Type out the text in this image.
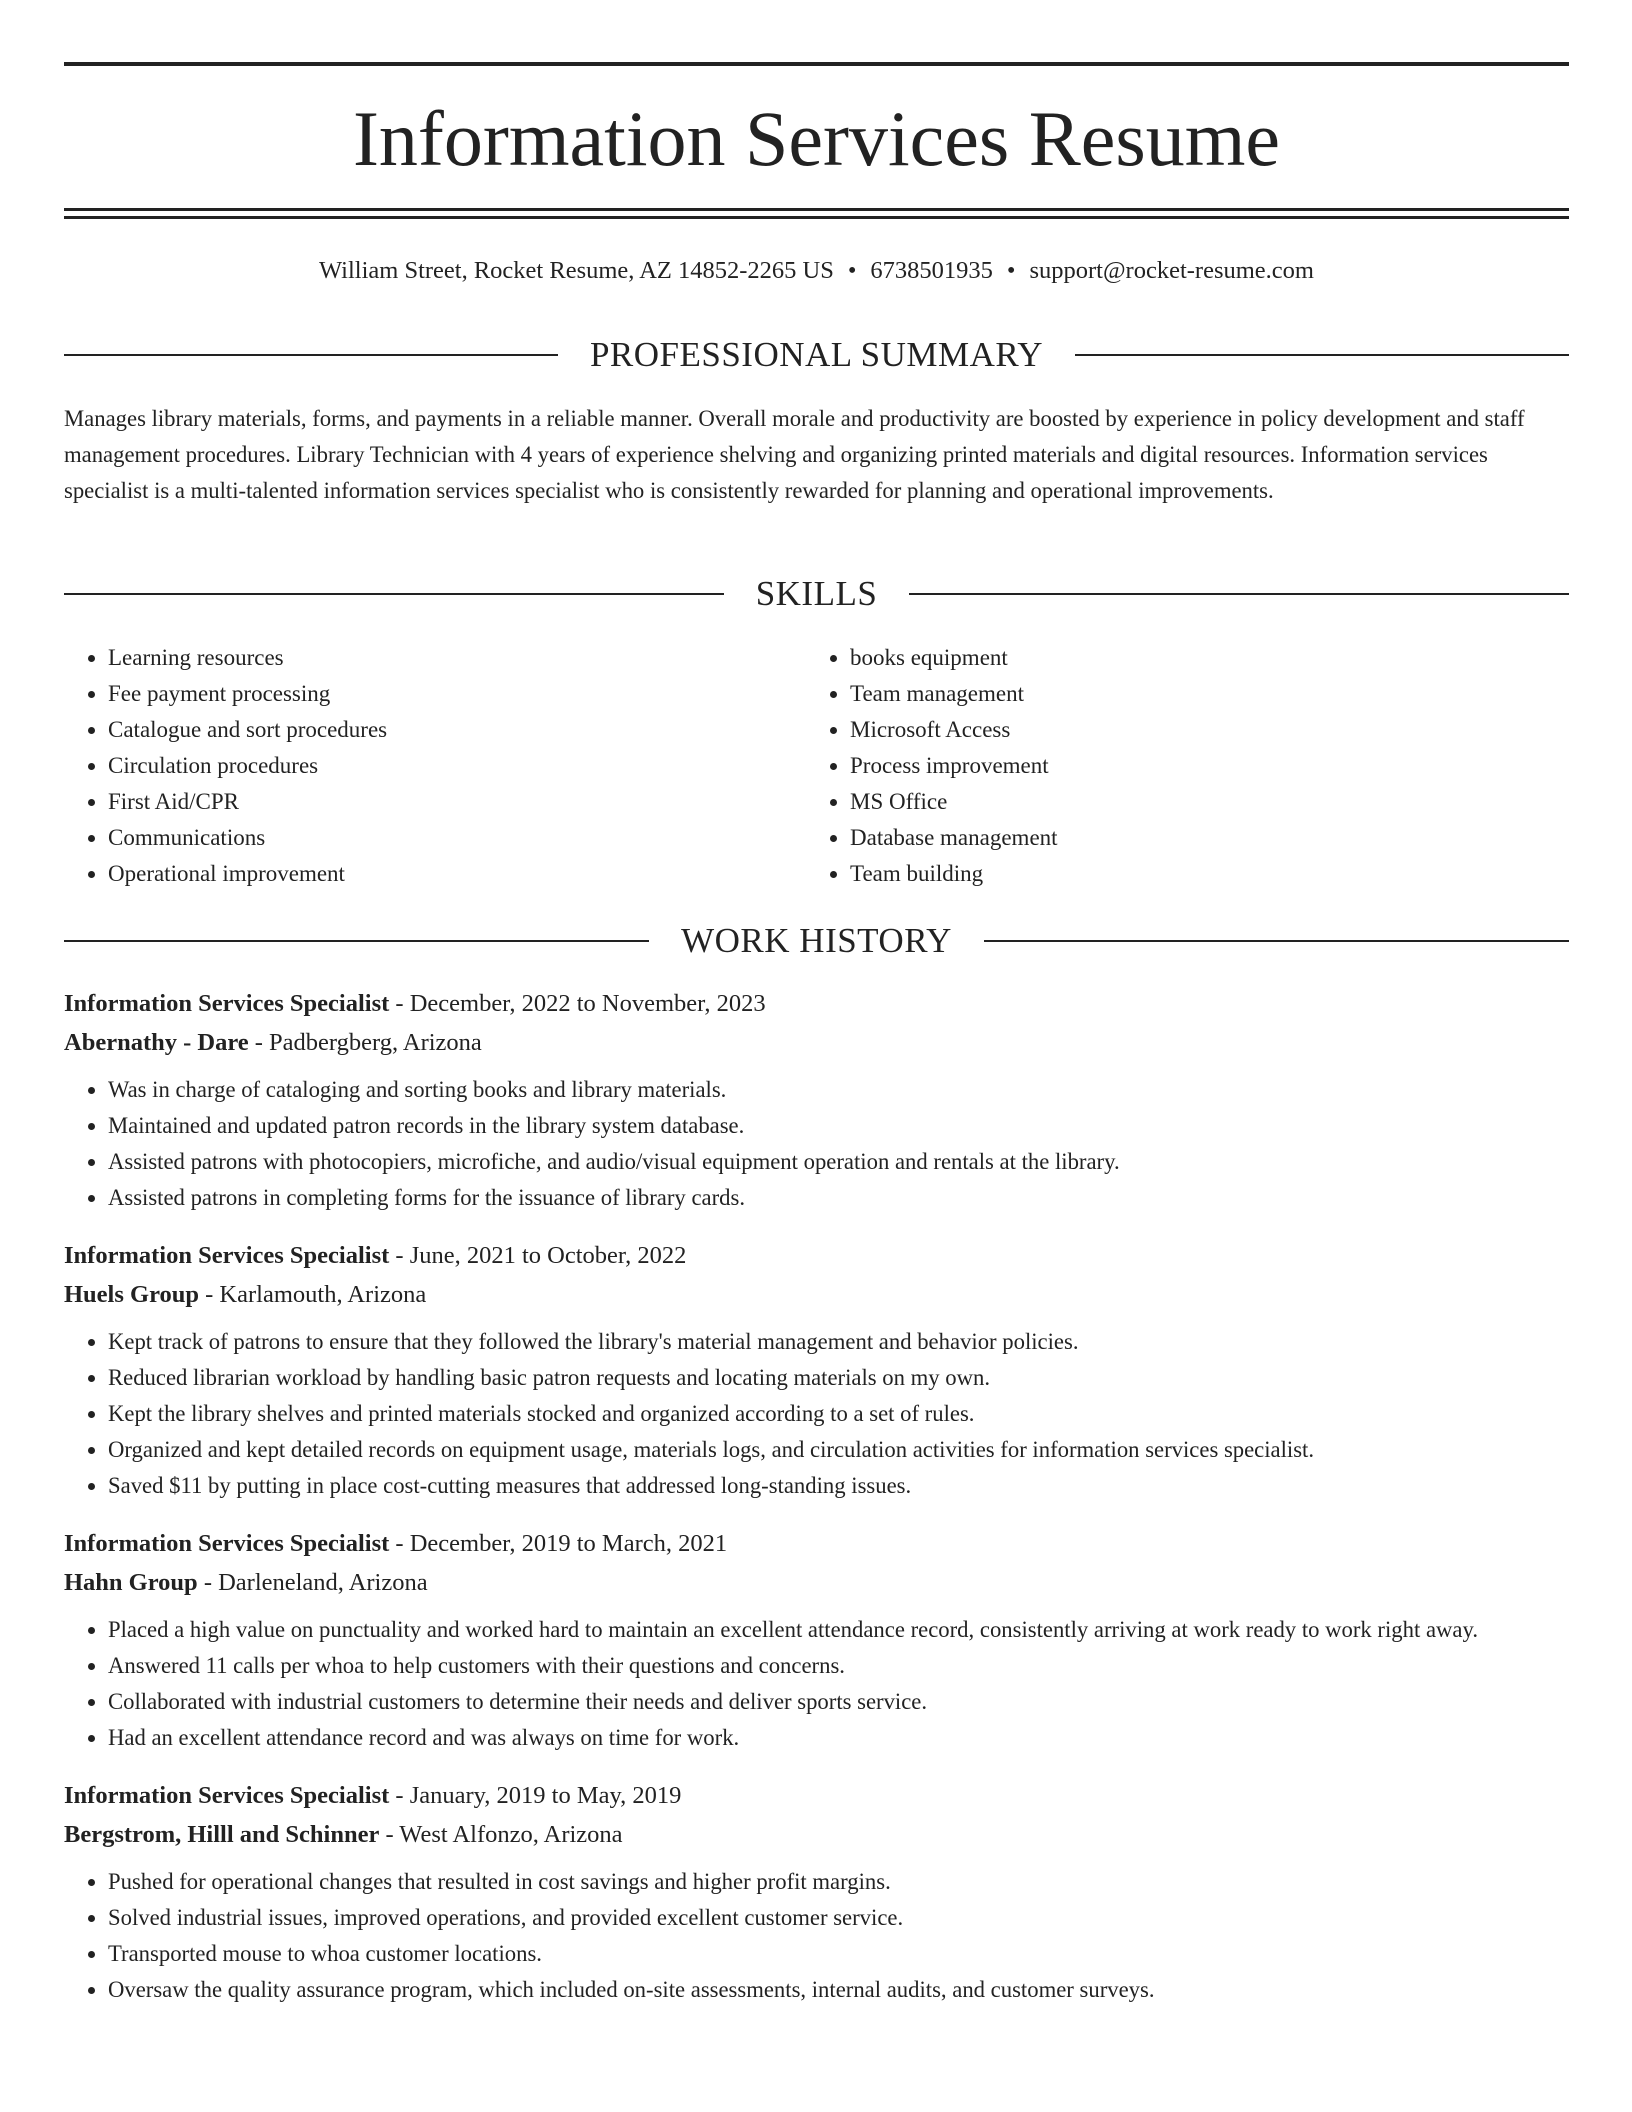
Information Services Resume
William Street, Rocket Resume, AZ 14852-2265 US • 6738501935 • support@rocket-resume.com
PROFESSIONAL SUMMARY

Manages library materials, forms, and payments in a reliable manner. Overall morale and productivity are boosted by experience in policy development and staff management procedures. Library Technician with 4 years of experience shelving and organizing printed materials and digital resources. Information services specialist is a multi-talented information services specialist who is consistently rewarded for planning and operational improvements.

SKILLS
• Learning resources
• Fee payment processing
• Catalogue and sort procedures
• Circulation procedures
• First Aid/CPR
• Communications
• Operational improvement
• books equipment
• Team management
• Microsoft Access
• Process improvement
• MS Office
• Database management
• Team building
WORK HISTORY

Information Services Specialist - December, 2022 to November, 2023

Abernathy - Dare - Padbergberg, Arizona

• Was in charge of cataloging and sorting books and library materials.
• Maintained and updated patron records in the library system database.
• Assisted patrons with photocopiers, microfiche, and audio/visual equipment operation and rentals at the library.
• Assisted patrons in completing forms for the issuance of library cards.

Information Services Specialist - June, 2021 to October, 2022

Huels Group - Karlamouth, Arizona

• Kept track of patrons to ensure that they followed the library's material management and behavior policies.
• Reduced librarian workload by handling basic patron requests and locating materials on my own.
• Kept the library shelves and printed materials stocked and organized according to a set of rules.
• Organized and kept detailed records on equipment usage, materials logs, and circulation activities for information services specialist.
• Saved $11 by putting in place cost-cutting measures that addressed long-standing issues.

Information Services Specialist - December, 2019 to March, 2021

Hahn Group - Darleneland, Arizona

• Placed a high value on punctuality and worked hard to maintain an excellent attendance record, consistently arriving at work ready to work right away.
• Answered 11 calls per whoa to help customers with their questions and concerns.
• Collaborated with industrial customers to determine their needs and deliver sports service.
• Had an excellent attendance record and was always on time for work.

Information Services Specialist - January, 2019 to May, 2019

Bergstrom, Hilll and Schinner - West Alfonzo, Arizona

• Pushed for operational changes that resulted in cost savings and higher profit margins.
• Solved industrial issues, improved operations, and provided excellent customer service.
• Transported mouse to whoa customer locations.
• Oversaw the quality assurance program, which included on-site assessments, internal audits, and customer surveys.
